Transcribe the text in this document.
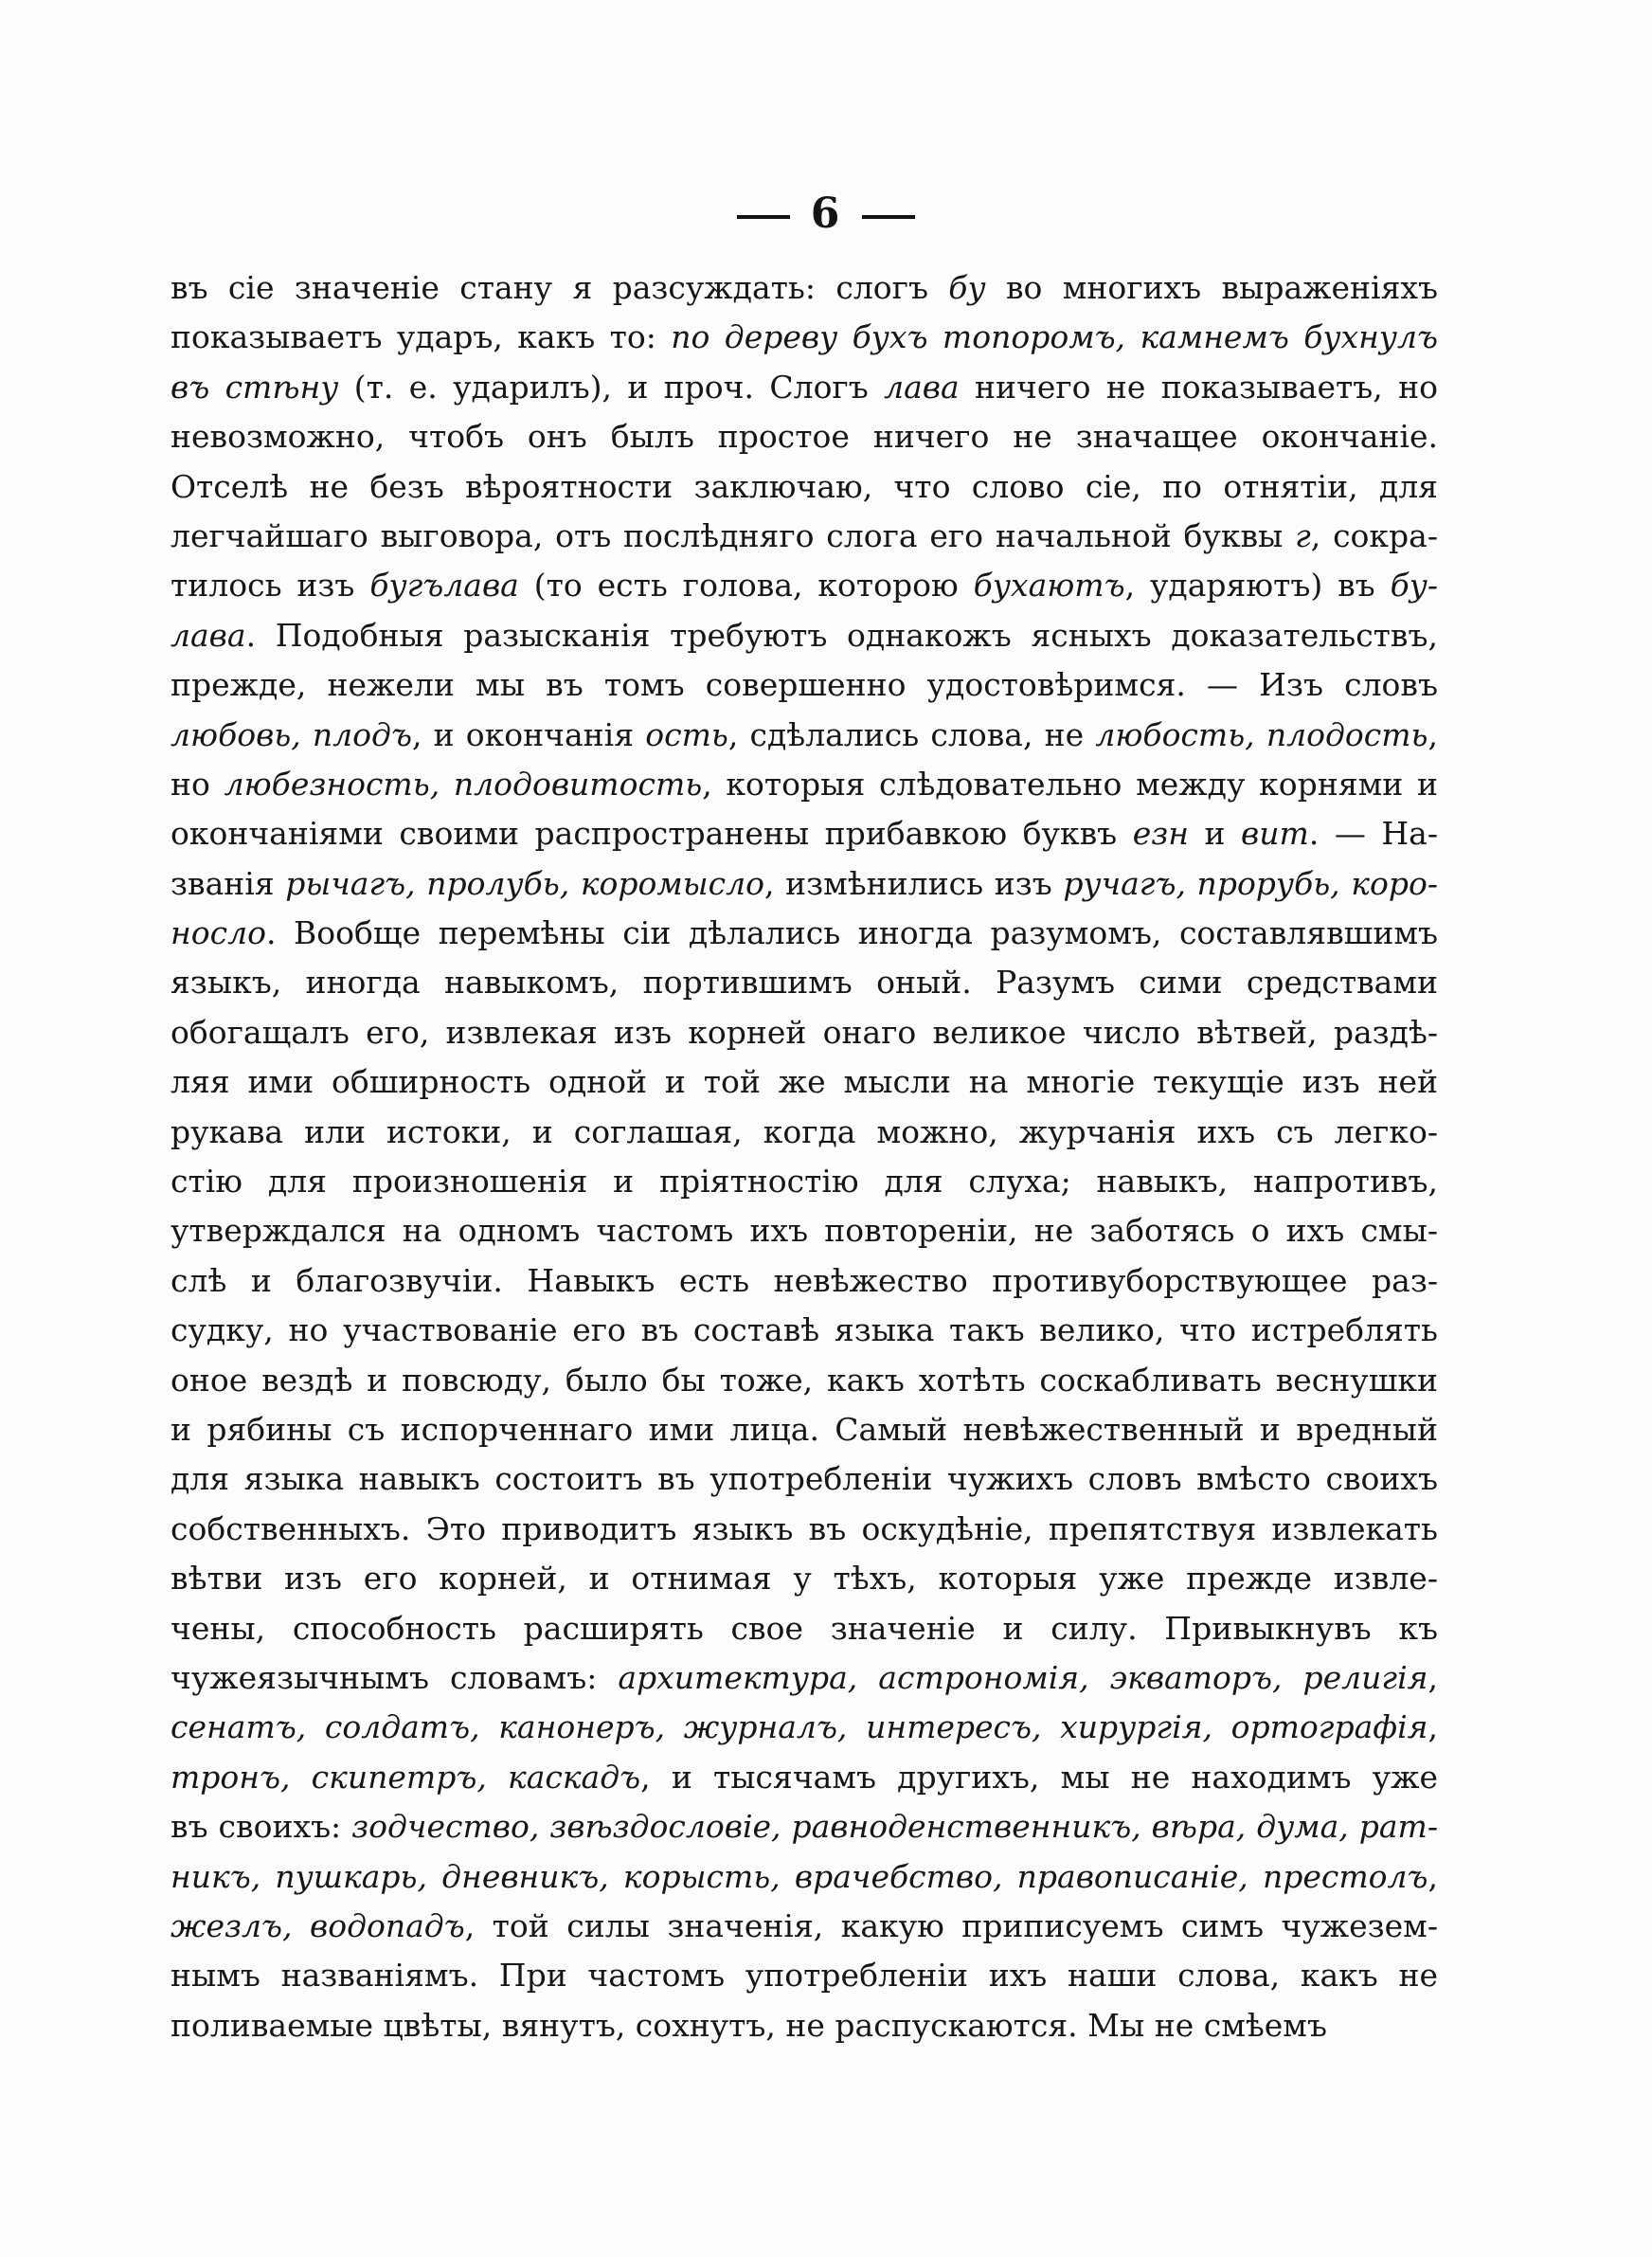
6
въ сіе значеніе стану я разсуждать: слогъ бу во многихъ выраженіяхъ
показываетъ ударъ, какъ то: по дереву бухъ топоромъ, камнемъ бухнулъ
въ стѣну (т. е. ударилъ), и проч. Слогъ лава ничего не показываетъ, но
невозможно, чтобъ онъ былъ простое ничего не значащее окончаніе.
Отселѣ не безъ вѣроятности заключаю, что слово сіе, по отнятіи, для
легчайшаго выговора, отъ послѣдняго слога его начальной буквы г, сокра-
тилось изъ бугълава (то есть голова, которою бухаютъ, ударяютъ) въ бу-
лава. Подобныя разысканія требуютъ однакожъ ясныхъ доказательствъ,
прежде, нежели мы въ томъ совершенно удостовѣримся. — Изъ словъ
любовь, плодъ, и окончанія ость, сдѣлались слова, не любость, плодость,
но любезность, плодовитость, которыя слѣдовательно между корнями и
окончаніями своими распространены прибавкою буквъ езн и вит. — На-
званія рычагъ, пролубь, коромысло, измѣнились изъ ручагъ, прорубь, коро-
носло. Вообще перемѣны сіи дѣлались иногда разумомъ, составлявшимъ
языкъ, иногда навыкомъ, портившимъ оный. Разумъ сими средствами
обогащалъ его, извлекая изъ корней онаго великое число вѣтвей, раздѣ-
ляя ими обширность одной и той же мысли на многіе текущіе изъ ней
рукава или истоки, и соглашая, когда можно, журчанія ихъ съ легко-
стію для произношенія и пріятностію для слуха; навыкъ, напротивъ,
утверждался на одномъ частомъ ихъ повтореніи, не заботясь о ихъ смы-
слѣ и благозвучіи. Навыкъ есть невѣжество противуборствующее раз-
судку, но участвованіе его въ составѣ языка такъ велико, что истреблять
оное вездѣ и повсюду, было бы тоже, какъ хотѣть соскабливать веснушки
и рябины съ испорченнаго ими лица. Самый невѣжественный и вредный
для языка навыкъ состоитъ въ употребленіи чужихъ словъ вмѣсто своихъ
собственныхъ. Это приводитъ языкъ въ оскудѣніе, препятствуя извлекать
вѣтви изъ его корней, и отнимая у тѣхъ, которыя уже прежде извле-
чены, способность расширять свое значеніе и силу. Привыкнувъ къ
чужеязычнымъ словамъ: архитектура, астрономія, экваторъ, религія,
сенатъ, солдатъ, канонеръ, журналъ, интересъ, хирургія, ортографія,
тронъ, скипетръ, каскадъ, и тысячамъ другихъ, мы не находимъ уже
въ своихъ: зодчество, звѣздословіе, равноденственникъ, вѣра, дума, рат-
никъ, пушкарь, дневникъ, корысть, врачебство, правописаніе, престолъ,
жезлъ, водопадъ, той силы значенія, какую приписуемъ симъ чужезем-
нымъ названіямъ. При частомъ употребленіи ихъ наши слова, какъ не
поливаемые цвѣты, вянутъ, сохнутъ, не распускаются. Мы не смѣемъ
